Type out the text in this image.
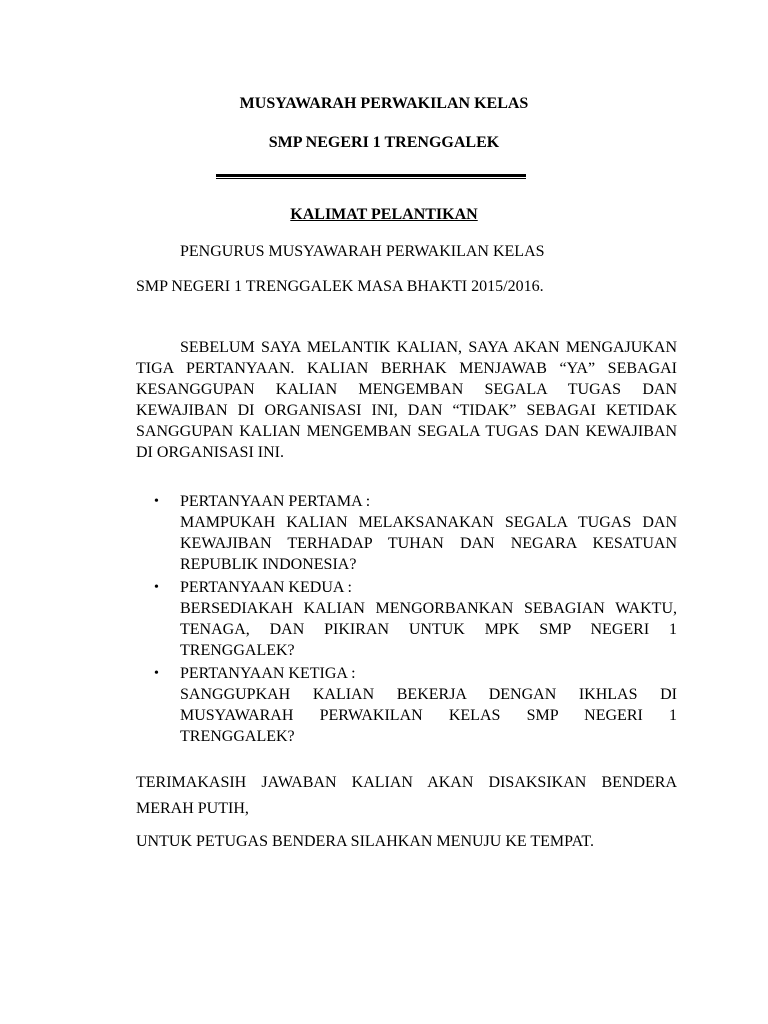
MUSYAWARAH PERWAKILAN KELAS
SMP NEGERI 1 TRENGGALEK
KALIMAT PELANTIKAN
PENGURUS MUSYAWARAH PERWAKILAN KELAS
SMP NEGERI 1 TRENGGALEK MASA BHAKTI 2015/2016.
SEBELUM SAYA MELANTIK KALIAN, SAYA AKAN MENGAJUKAN TIGA PERTANYAAN. KALIAN BERHAK MENJAWAB “YA” SEBAGAI KESANGGUPAN KALIAN MENGEMBAN SEGALA TUGAS DAN KEWAJIBAN DI ORGANISASI INI, DAN “TIDAK” SEBAGAI KETIDAK SANGGUPAN KALIAN MENGEMBAN SEGALA TUGAS DAN KEWAJIBAN DI ORGANISASI INI.
• PERTANYAAN PERTAMA :
MAMPUKAH KALIAN MELAKSANAKAN SEGALA TUGAS DAN KEWAJIBAN TERHADAP TUHAN DAN NEGARA KESATUAN REPUBLIK INDONESIA?
• PERTANYAAN KEDUA :
BERSEDIAKAH KALIAN MENGORBANKAN SEBAGIAN WAKTU, TENAGA, DAN PIKIRAN UNTUK MPK SMP NEGERI 1 TRENGGALEK?
• PERTANYAAN KETIGA :
SANGGUPKAH KALIAN BEKERJA DENGAN IKHLAS DI MUSYAWARAH PERWAKILAN KELAS SMP NEGERI 1 TRENGGALEK?
TERIMAKASIH JAWABAN KALIAN AKAN DISAKSIKAN BENDERA MERAH PUTIH,
UNTUK PETUGAS BENDERA SILAHKAN MENUJU KE TEMPAT.
